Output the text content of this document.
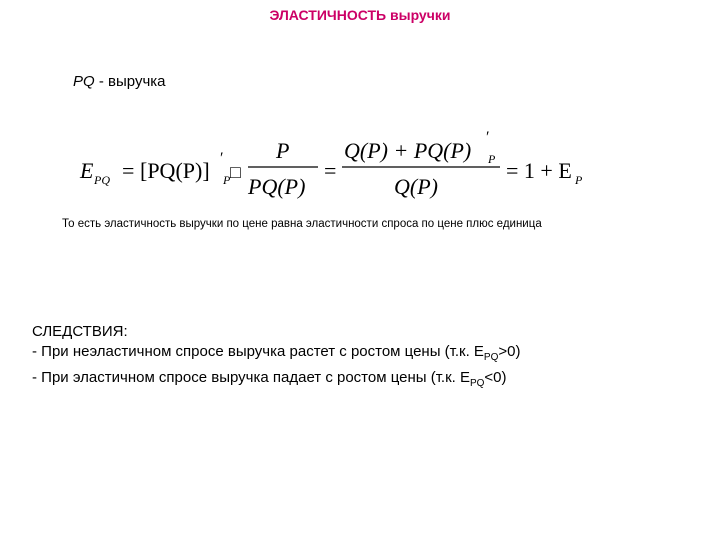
ЭЛАСТИЧНОСТЬ выручки
PQ - выручка
E PQ = [PQ(P)] ′
P □
P
PQ(P)
=
Q(P) + PQ(P)
′
P
Q(P)
= 1 + E P
То есть эластичность выручки по цене равна эластичности спроса по цене плюс единица
СЛЕДСТВИЯ:
- При неэластичном спросе выручка растет с ростом цены (т.к. $E_{PQ}>0$)
- При эластичном спросе выручка падает с ростом цены (т.к. $E_{PQ}<0$)
